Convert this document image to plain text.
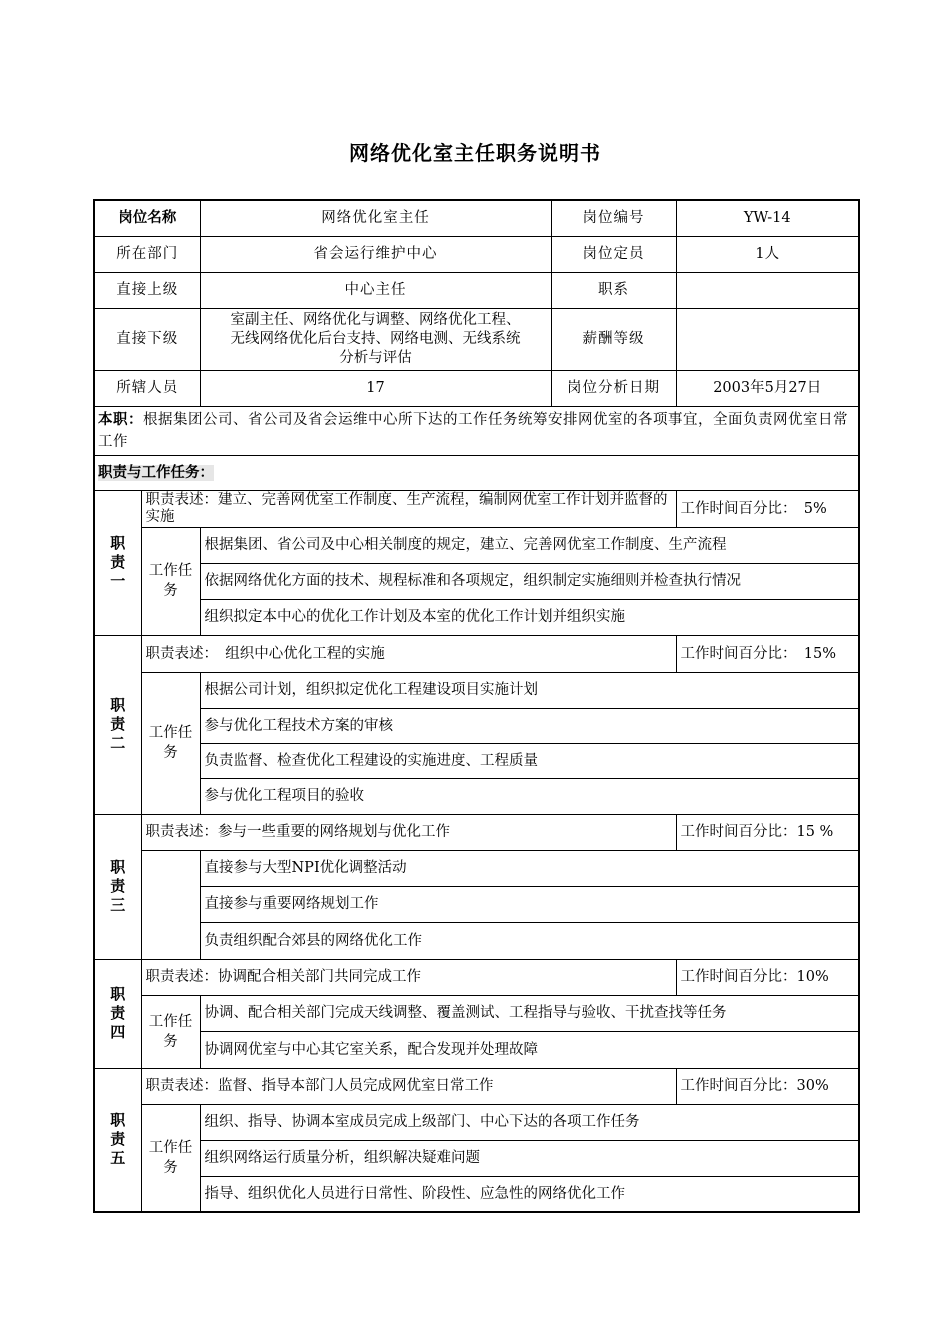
网络优化室主任职务说明书
岗位名称		网络优化室主任	岗位编号	YW-14
所在部门		省会运行维护中心	岗位定员	1人
直接上级		中心主任	职系	
直接下级		室副主任、网络优化与调整、网络优化工程、
无线网络优化后台支持、网络电测、无线系统
分析与评估	薪酬等级	
所辖人员		17	岗位分析日期	2003年5月27日
本职：根据集团公司、省公司及省会运维中心所下达的工作任务统筹安排网优室的各项事宜，全面负责网优室日常工作				
职责与工作任务：				

职
责
一	职责表述：建立、完善网优室工作制度、生产流程，编制网优室工作计划并监督的实施			工作时间百分比：　5%

	工作任务	根据集团、省公司及中心相关制度的规定，建立、完善网优室工作制度、生产流程		
		依据网络优化方面的技术、规程标准和各项规定，组织制定实施细则并检查执行情况		
		组织拟定本中心的优化工作计划及本室的优化工作计划并组织实施		

职
责
二	职责表述：　组织中心优化工程的实施			工作时间百分比：　15%

	工作任务	根据公司计划，组织拟定优化工程建设项目实施计划		
		参与优化工程技术方案的审核		
		负责监督、检查优化工程建设的实施进度、工程质量		
		参与优化工程项目的验收		

职
责
三	职责表述：参与一些重要的网络规划与优化工作			工作时间百分比：15 %
		直接参与大型NPI优化调整活动		
		直接参与重要网络规划工作		
		负责组织配合郊县的网络优化工作		

职
责
四	职责表述：协调配合相关部门共同完成工作			工作时间百分比：10%

	工作任务	协调、配合相关部门完成天线调整、覆盖测试、工程指导与验收、干扰查找等任务		
		协调网优室与中心其它室关系，配合发现并处理故障		

职
责
五	职责表述：监督、指导本部门人员完成网优室日常工作			工作时间百分比：30%

	工作任务	组织、指导、协调本室成员完成上级部门、中心下达的各项工作任务		
		组织网络运行质量分析，组织解决疑难问题		
		指导、组织优化人员进行日常性、阶段性、应急性的网络优化工作		
